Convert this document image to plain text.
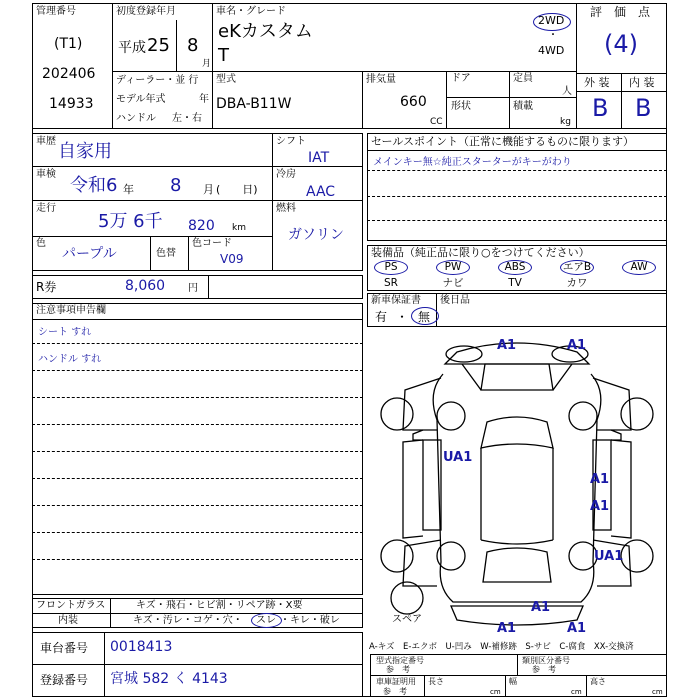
管理番号
(T1)
202406
14933
初度登録年月
平成 25 8
月
車名・グレード
eKカスタム
T
2WD
・
4WD
ディーラー・並 行
モデル年式	年
ハンドル 左・右
型式
DBA-B11W
排気量
660
CC
ドア
形状
定員
人
積載
kg
評　価　点
(4)
外 装 内 装
B B
車歴 自家用
車検
令和6 年 8 月 (　　日)
走行
5万 6千 820 km
色
パープル	色替
色コード
V09
シフト
IAT
冷房
AAC
燃料
ガソリン
R券	8,060 円
セールスポイント（正常に機能するものに限ります）
メインキー無☆純正スターターがキーがわり
装備品（純正品に限り○をつけてください）
PS	PW	ABS	エアB	AW
SR	ナビ	TV	カワ
新車保証書
有 ・ 無
後日品
注意事項申告欄
シート すれ
ハンドル すれ
フロントガラス	キズ・飛石・ヒビ割・リペア跡・X要
内装	キズ・汚レ・コゲ・穴・ スレ ・キレ・破レ
車台番号 0018413
登録番号 宮城 582 く 4143
スペア
A1	A1
UA1
A1
A1
UA1
A1
A1	A1
A-キズ　E-エクボ　U-凹み　W-補修跡　S-サビ　C-腐食　XX-交換済
型式指定番号
参　考
類別区分番号
参　考
車庫証明用
参　考
長さ
cm
幅
cm
高さ
cm
